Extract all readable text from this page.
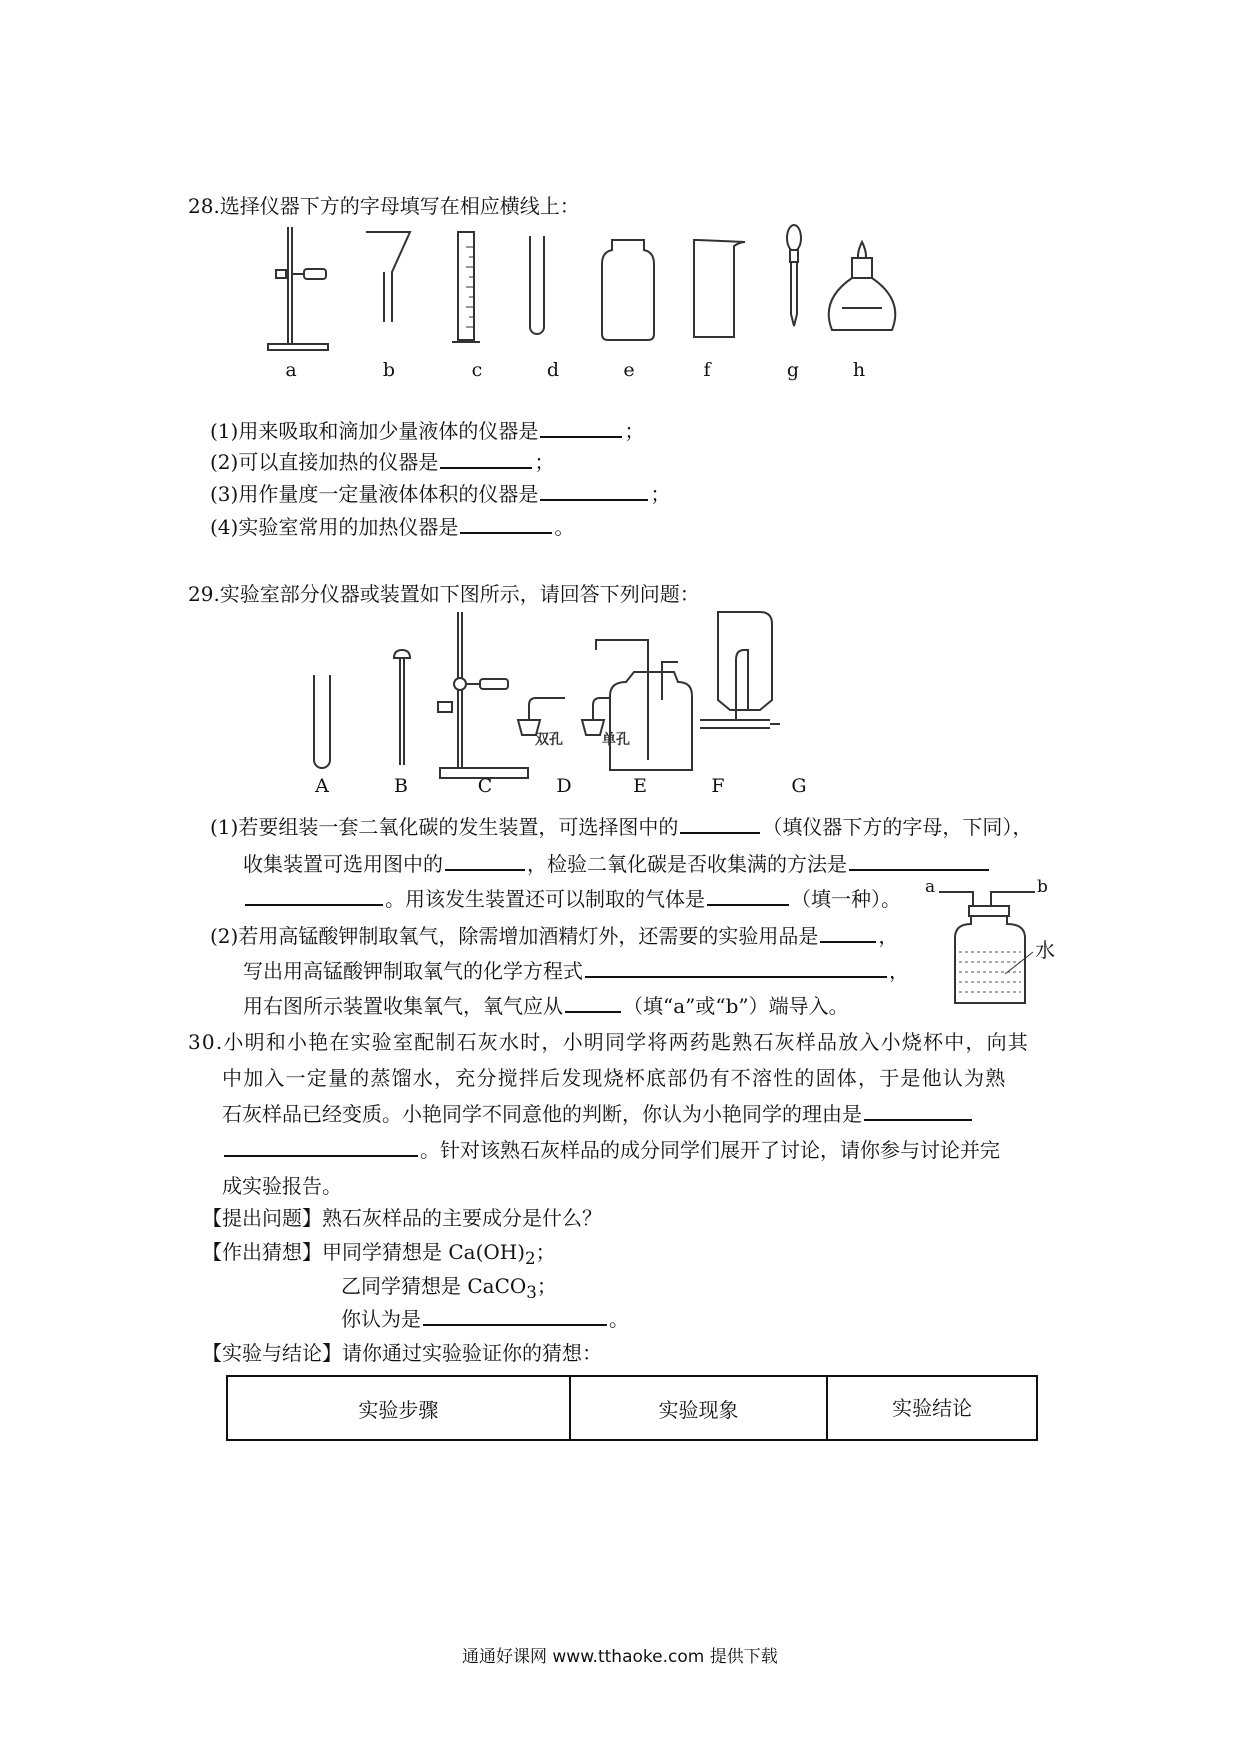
28.选择仪器下方的字母填写在相应横线上：
a	b	c	d	e	f	g	h
(1)用来吸取和滴加少量液体的仪器是	；
(2)可以直接加热的仪器是	；
(3)用作量度一定量液体体积的仪器是	；
(4)实验室常用的加热仪器是	。
29.实验室部分仪器或装置如下图所示，请回答下列问题：
双孔	单孔
A	B	C	D	E	F	G
(1)若要组装一套二氧化碳的发生装置，可选择图中的	（填仪器下方的字母，下同），
收集装置可选用图中的	，检验二氧化碳是否收集满的方法是
。用该发生装置还可以制取的气体是	（填一种）。 a	b
水
(2)若用高锰酸钾制取氧气，除需增加酒精灯外，还需要的实验用品是	，
写出用高锰酸钾制取氧气的化学方程式	，
用右图所示装置收集氧气，氧气应从	（填“a”或“b”）端导入。
30.小明和小艳在实验室配制石灰水时，小明同学将两药匙熟石灰样品放入小烧杯中，向其
中加入一定量的蒸馏水，充分搅拌后发现烧杯底部仍有不溶性的固体，于是他认为熟
石灰样品已经变质。小艳同学不同意他的判断，你认为小艳同学的理由是
。针对该熟石灰样品的成分同学们展开了讨论，请你参与讨论并完
成实验报告。
【提出问题】熟石灰样品的主要成分是什么？
【作出猜想】甲同学猜想是 $Ca(OH)_2$；
乙同学猜想是 CaCO$_3$；
你认为是	。
【实验与结论】请你通过实验验证你的猜想：
实验步骤	实验现象	实验结论
通通好课网 www.tthaoke.com 提供下载
